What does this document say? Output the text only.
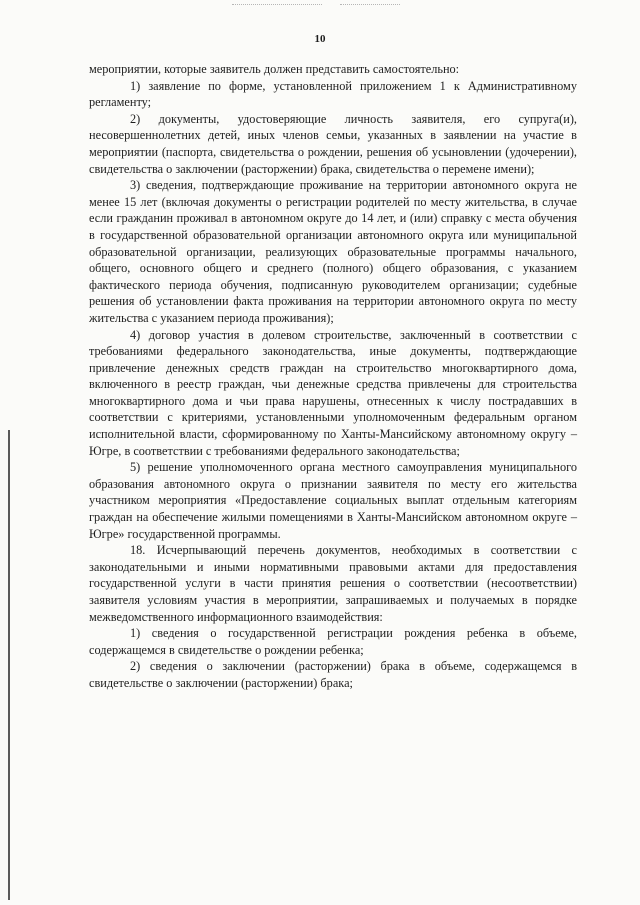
10

мероприятии, которые заявитель должен представить самостоятельно:

1) заявление по форме, установленной приложением 1 к Административному регламенту;

2) документы, удостоверяющие личность заявителя, его супруга(и), несовершеннолетних детей, иных членов семьи, указанных в заявлении на участие в мероприятии (паспорта, свидетельства о рождении, решения об усыновлении (удочерении), свидетельства о заключении (расторжении) брака, свидетельства о перемене имени);

3) сведения, подтверждающие проживание на территории автономного округа не менее 15 лет (включая документы о регистрации родителей по месту жительства, в случае если гражданин проживал в автономном округе до 14 лет, и (или) справку с места обучения в государственной образовательной организации автономного округа или муниципальной образовательной организации, реализующих образовательные программы начального, общего, основного общего и среднего (полного) общего образования, с указанием фактического периода обучения, подписанную руководителем организации; судебные решения об установлении факта проживания на территории автономного округа по месту жительства с указанием периода проживания);

4) договор участия в долевом строительстве, заключенный в соответствии с требованиями федерального законодательства, иные документы, подтверждающие привлечение денежных средств граждан на строительство многоквартирного дома, включенного в реестр граждан, чьи денежные средства привлечены для строительства многоквартирного дома и чьи права нарушены, отнесенных к числу пострадавших в соответствии с критериями, установленными уполномоченным федеральным органом исполнительной власти, сформированному по Ханты-Мансийскому автономному округу – Югре, в соответствии с требованиями федерального законодательства;

5) решение уполномоченного органа местного самоуправления муниципального образования автономного округа о признании заявителя по месту его жительства участником мероприятия «Предоставление социальных выплат отдельным категориям граждан на обеспечение жилыми помещениями в Ханты-Мансийском автономном округе – Югре» государственной программы.

18. Исчерпывающий перечень документов, необходимых в соответствии с законодательными и иными нормативными правовыми актами для предоставления государственной услуги в части принятия решения о соответствии (несоответствии) заявителя условиям участия в мероприятии, запрашиваемых и получаемых в порядке межведомственного информационного взаимодействия:

1) сведения о государственной регистрации рождения ребенка в объеме, содержащемся в свидетельстве о рождении ребенка;

2) сведения о заключении (расторжении) брака в объеме, содержащемся в свидетельстве о заключении (расторжении) брака;
